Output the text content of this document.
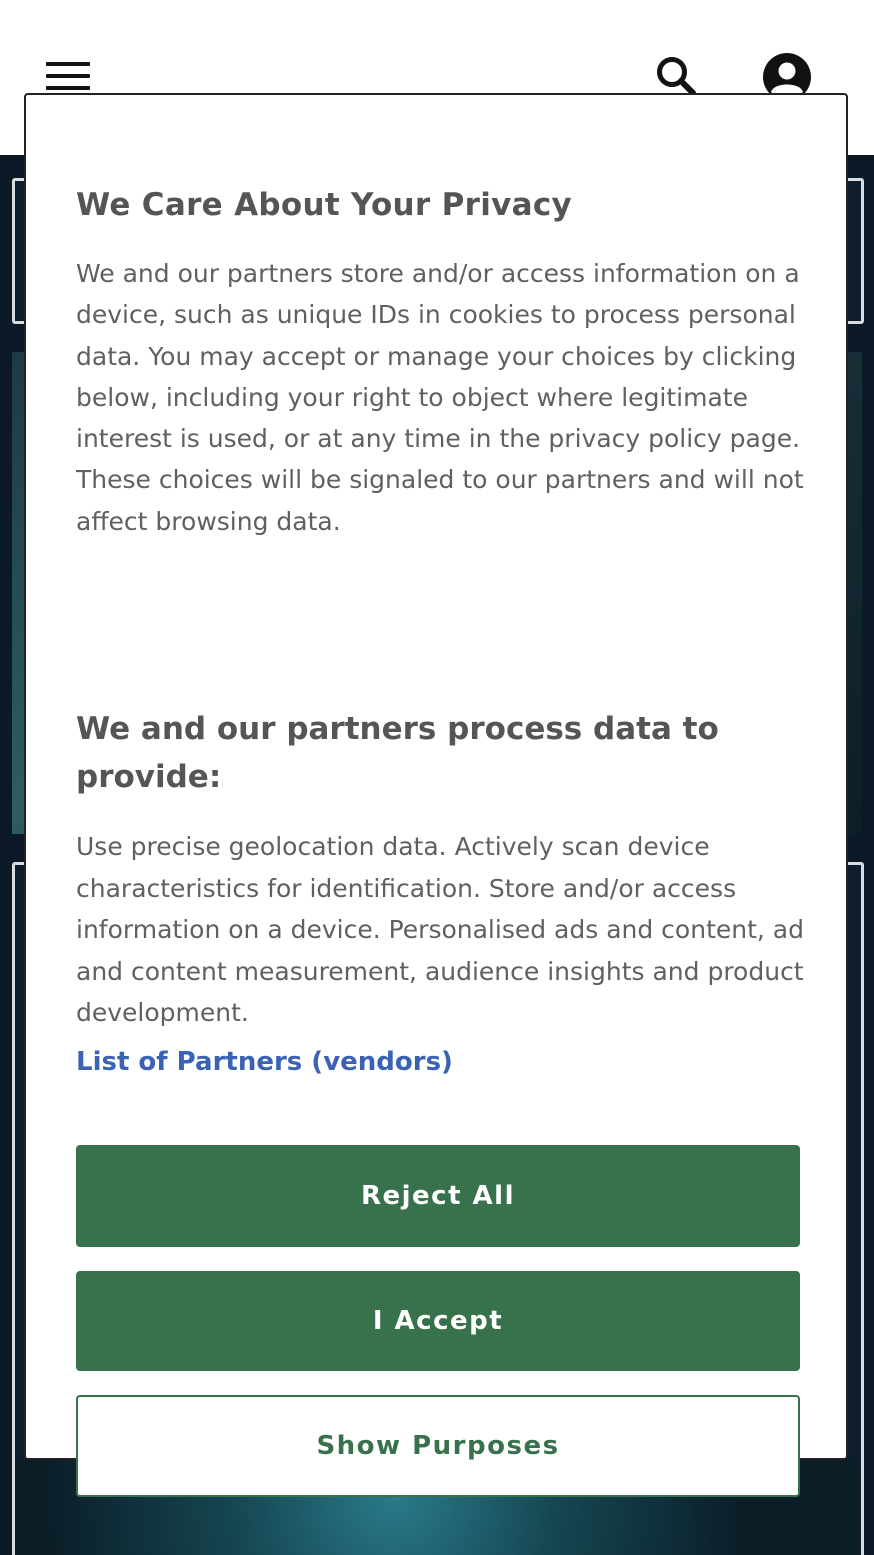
We Care About Your Privacy

We and our partners store and/or access information on a device, such as unique IDs in cookies to process personal data. You may accept or manage your choices by clicking below, including your right to object where legitimate interest is used, or at any time in the privacy policy page. These choices will be signaled to our partners and will not affect browsing data.

We and our partners process data to provide:

Use precise geolocation data. Actively scan device characteristics for identification. Store and/or access information on a device. Personalised ads and content, ad and content measurement, audience insights and product development.

List of Partners (vendors)
Reject All
I Accept
Show Purposes
